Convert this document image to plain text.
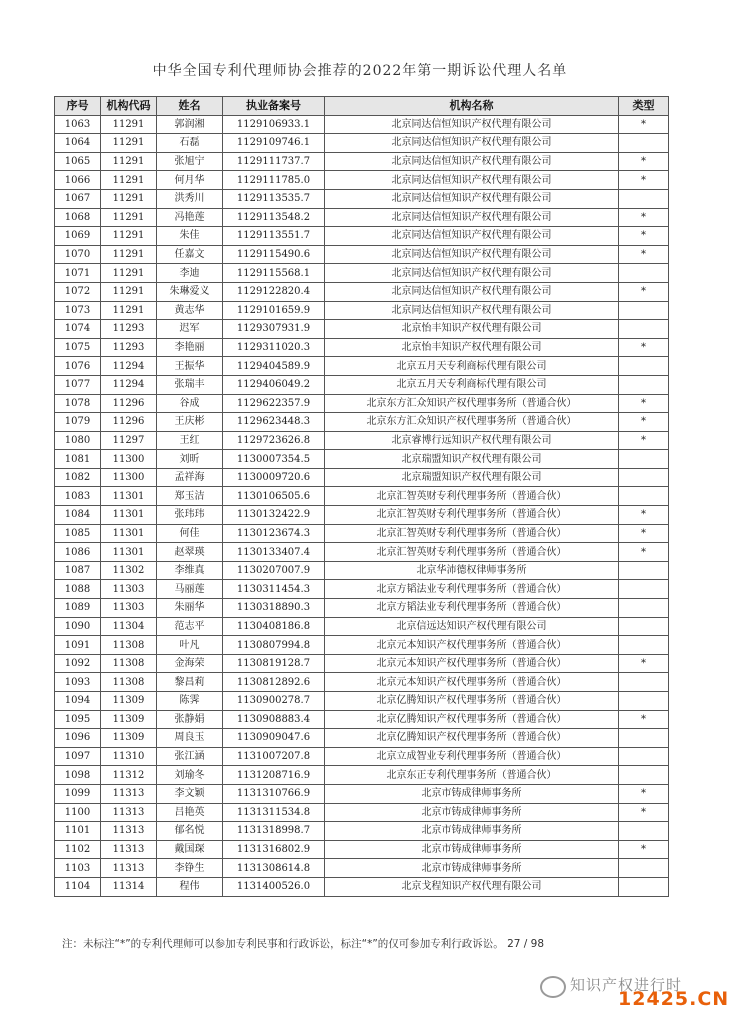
中华全国专利代理师协会推荐的2022年第一期诉讼代理人名单
序号	机构代码	姓名	执业备案号	机构名称	类型
1063	11291	郭润湘	1129106933.1	北京同达信恒知识产权代理有限公司	*
1064	11291	石磊	1129109746.1	北京同达信恒知识产权代理有限公司	
1065	11291	张旭宁	1129111737.7	北京同达信恒知识产权代理有限公司	*
1066	11291	何月华	1129111785.0	北京同达信恒知识产权代理有限公司	*
1067	11291	洪秀川	1129113535.7	北京同达信恒知识产权代理有限公司	
1068	11291	冯艳莲	1129113548.2	北京同达信恒知识产权代理有限公司	*
1069	11291	朱佳	1129113551.7	北京同达信恒知识产权代理有限公司	*
1070	11291	任嘉文	1129115490.6	北京同达信恒知识产权代理有限公司	*
1071	11291	李迪	1129115568.1	北京同达信恒知识产权代理有限公司	
1072	11291	朱琳爱义	1129122820.4	北京同达信恒知识产权代理有限公司	*
1073	11291	黄志华	1129101659.9	北京同达信恒知识产权代理有限公司	
1074	11293	迟军	1129307931.9	北京怡丰知识产权代理有限公司	
1075	11293	李艳丽	1129311020.3	北京怡丰知识产权代理有限公司	*
1076	11294	王振华	1129404589.9	北京五月天专利商标代理有限公司	
1077	11294	张瑞丰	1129406049.2	北京五月天专利商标代理有限公司	
1078	11296	谷成	1129622357.9	北京东方汇众知识产权代理事务所（普通合伙）	*
1079	11296	王庆彬	1129623448.3	北京东方汇众知识产权代理事务所（普通合伙）	*
1080	11297	王红	1129723626.8	北京睿博行远知识产权代理有限公司	*
1081	11300	刘昕	1130007354.5	北京瑞盟知识产权代理有限公司	
1082	11300	孟祥海	1130009720.6	北京瑞盟知识产权代理有限公司	
1083	11301	郑玉洁	1130106505.6	北京汇智英财专利代理事务所（普通合伙）	
1084	11301	张玮玮	1130132422.9	北京汇智英财专利代理事务所（普通合伙）	*
1085	11301	何佳	1130123674.3	北京汇智英财专利代理事务所（普通合伙）	*
1086	11301	赵翠瑛	1130133407.4	北京汇智英财专利代理事务所（普通合伙）	*
1087	11302	李维真	1130207007.9	北京华沛德权律师事务所	
1088	11303	马丽莲	1130311454.3	北京方韬法业专利代理事务所（普通合伙）	
1089	11303	朱丽华	1130318890.3	北京方韬法业专利代理事务所（普通合伙）	
1090	11304	范志平	1130408186.8	北京信远达知识产权代理有限公司	
1091	11308	叶凡	1130807994.8	北京元本知识产权代理事务所（普通合伙）	
1092	11308	金海荣	1130819128.7	北京元本知识产权代理事务所（普通合伙）	*
1093	11308	黎昌莉	1130812892.6	北京元本知识产权代理事务所（普通合伙）	
1094	11309	陈霁	1130900278.7	北京亿腾知识产权代理事务所（普通合伙）	
1095	11309	张静娟	1130908883.4	北京亿腾知识产权代理事务所（普通合伙）	*
1096	11309	周良玉	1130909047.6	北京亿腾知识产权代理事务所（普通合伙）	
1097	11310	张江涵	1131007207.8	北京立成智业专利代理事务所（普通合伙）	
1098	11312	刘瑜冬	1131208716.9	北京东正专利代理事务所（普通合伙）	
1099	11313	李文颖	1131310766.9	北京市铸成律师事务所	*
1100	11313	吕艳英	1131311534.8	北京市铸成律师事务所	*
1101	11313	郁名悦	1131318998.7	北京市铸成律师事务所	
1102	11313	戴国琛	1131316802.9	北京市铸成律师事务所	*
1103	11313	李铮生	1131308614.8	北京市铸成律师事务所	
1104	11314	程伟	1131400526.0	北京戈程知识产权代理有限公司	
注：未标注“*”的专利代理师可以参加专利民事和行政诉讼，标注“*”的仅可参加专利行政诉讼。 27 / 98
知识产权进行时
12425.CN
